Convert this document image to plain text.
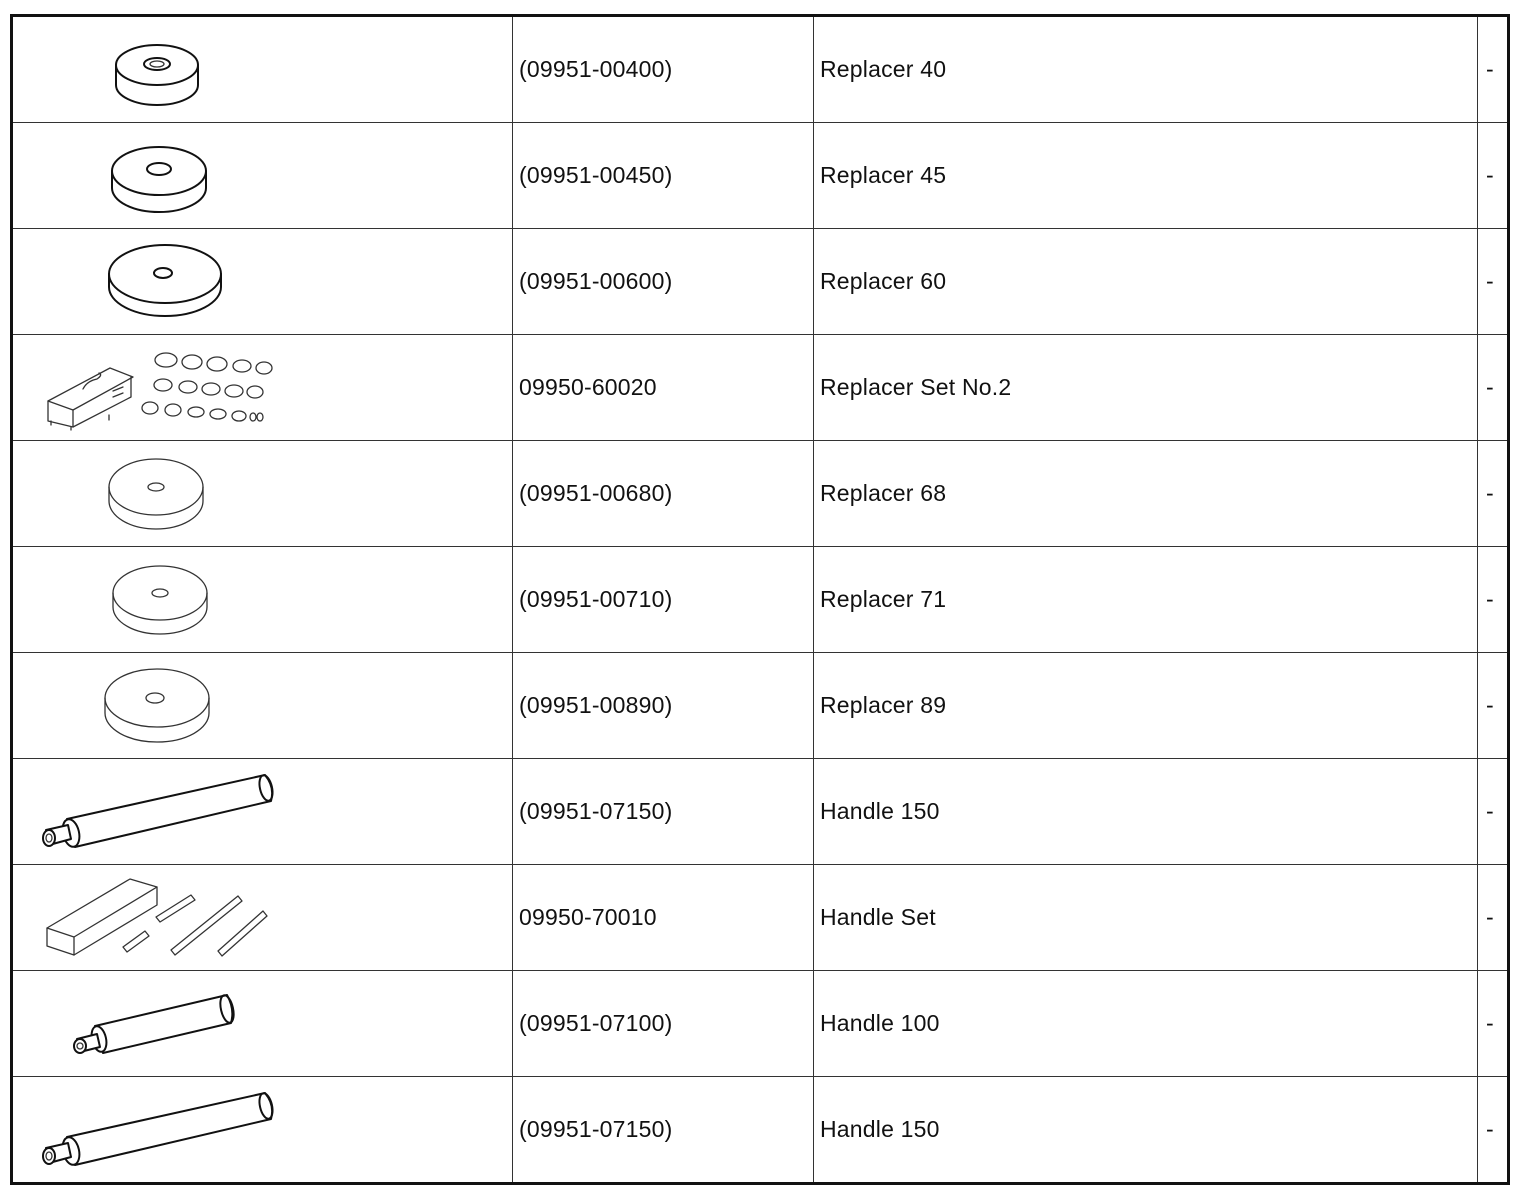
	(09951-00400)	Replacer 40	-

	(09951-00450)	Replacer 45	-

	(09951-00600)	Replacer 60	-

	09950-60020	Replacer Set No.2	-

	(09951-00680)	Replacer 68	-

	(09951-00710)	Replacer 71	-

	(09951-00890)	Replacer 89	-

	(09951-07150)	Handle 150	-

	09950-70010	Handle Set	-

	(09951-07100)	Handle 100	-

	(09951-07150)	Handle 150	-
